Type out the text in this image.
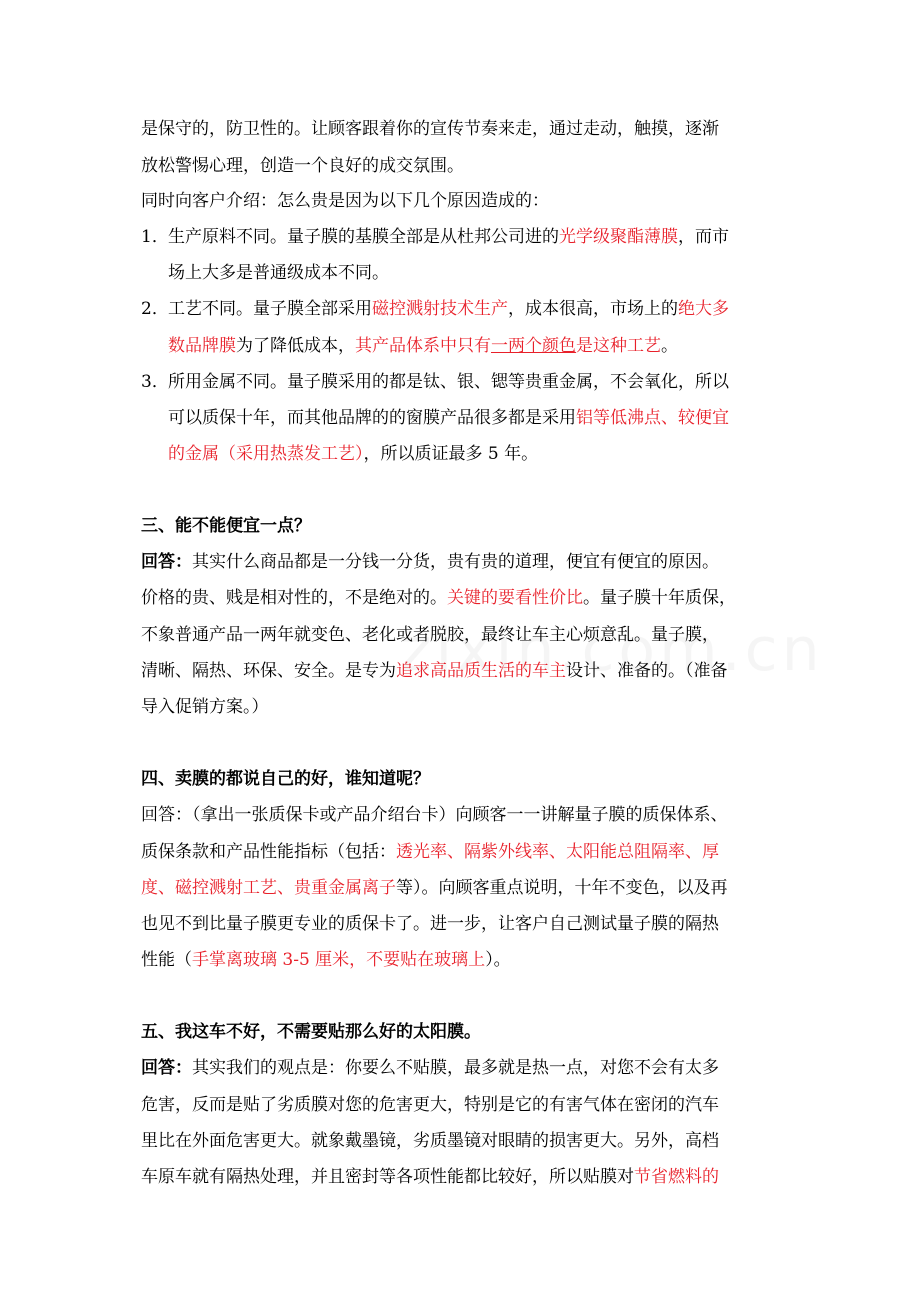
是保守的，防卫性的。让顾客跟着你的宣传节奏来走，通过走动，触摸，逐渐
放松警惕心理，创造一个良好的成交氛围。
同时向客户介绍：怎么贵是因为以下几个原因造成的：
1． 生产原料不同。量子膜的基膜全部是从杜邦公司进的光学级聚酯薄膜，而市
场上大多是普通级成本不同。
2． 工艺不同。量子膜全部采用磁控溅射技术生产，成本很高，市场上的绝大多
数品牌膜为了降低成本，其产品体系中只有一两个颜色是这种工艺。
3． 所用金属不同。量子膜采用的都是钛、银、锶等贵重金属，不会氧化，所以
可以质保十年，而其他品牌的的窗膜产品很多都是采用铝等低沸点、较便宜
的金属（采用热蒸发工艺），所以质证最多 5 年。
三、能不能便宜一点？
回答：其实什么商品都是一分钱一分货，贵有贵的道理，便宜有便宜的原因。
价格的贵、贱是相对性的，不是绝对的。关键的要看性价比。量子膜十年质保，
不象普通产品一两年就变色、老化或者脱胶，最终让车主心烦意乱。量子膜，
清晰、隔热、环保、安全。是专为追求高品质生活的车主设计、准备的。（准备
导入促销方案。）
四、卖膜的都说自己的好，谁知道呢？
回答：（拿出一张质保卡或产品介绍台卡）向顾客一一讲解量子膜的质保体系、
质保条款和产品性能指标（包括：透光率、隔紫外线率、太阳能总阻隔率、厚
度、磁控溅射工艺、贵重金属离子等）。向顾客重点说明，十年不变色，以及再
也见不到比量子膜更专业的质保卡了。进一步，让客户自己测试量子膜的隔热
性能（手掌离玻璃 3-5 厘米，不要贴在玻璃上）。
五、我这车不好，不需要贴那么好的太阳膜。
回答：其实我们的观点是：你要么不贴膜，最多就是热一点，对您不会有太多
危害，反而是贴了劣质膜对您的危害更大，特别是它的有害气体在密闭的汽车
里比在外面危害更大。就象戴墨镜，劣质墨镜对眼睛的损害更大。另外，高档
车原车就有隔热处理，并且密封等各项性能都比较好，所以贴膜对节省燃料的
